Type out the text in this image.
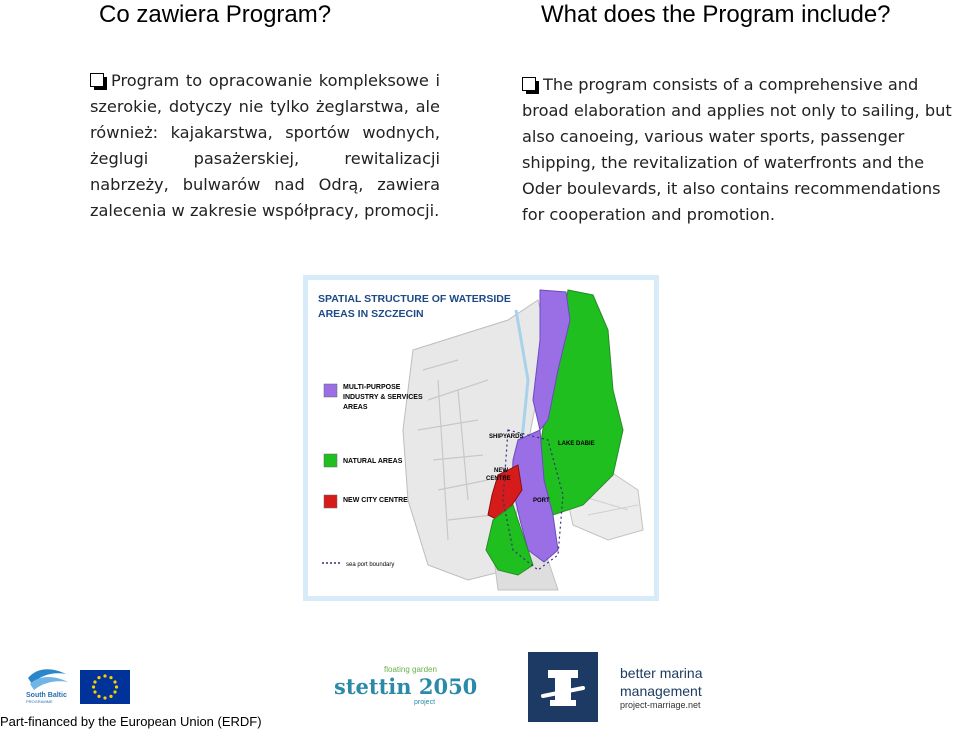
Co zawiera Program?	What does the Program include?
Program to opracowanie kompleksowe i szerokie, dotyczy nie tylko żeglarstwa, ale również: kajakarstwa, sportów wodnych, żeglugi pasażerskiej, rewitalizacji nabrzeży, bulwarów nad Odrą, zawiera zalecenia w zakresie współpracy, promocji.
The program consists of a comprehensive and broad elaboration and applies not only to sailing, but also canoeing, various water sports, passenger shipping, the revitalization of waterfronts and the Oder boulevards, it also contains recommendations for cooperation and promotion.
SPATIAL STRUCTURE OF WATERSIDE
AREAS IN SZCZECIN
MULTI-PURPOSE
INDUSTRY & SERVICES
AREAS
NATURAL AREAS
NEW CITY CENTRE
sea port boundary
SHIPYARDS
LAKE DABIE
NEW
CENTRE
PORT
South Baltic
PROGRAMME
floating garden
stettin 2050
project
better marina
management
project-marriage.net
Part-financed by the European Union (ERDF)
